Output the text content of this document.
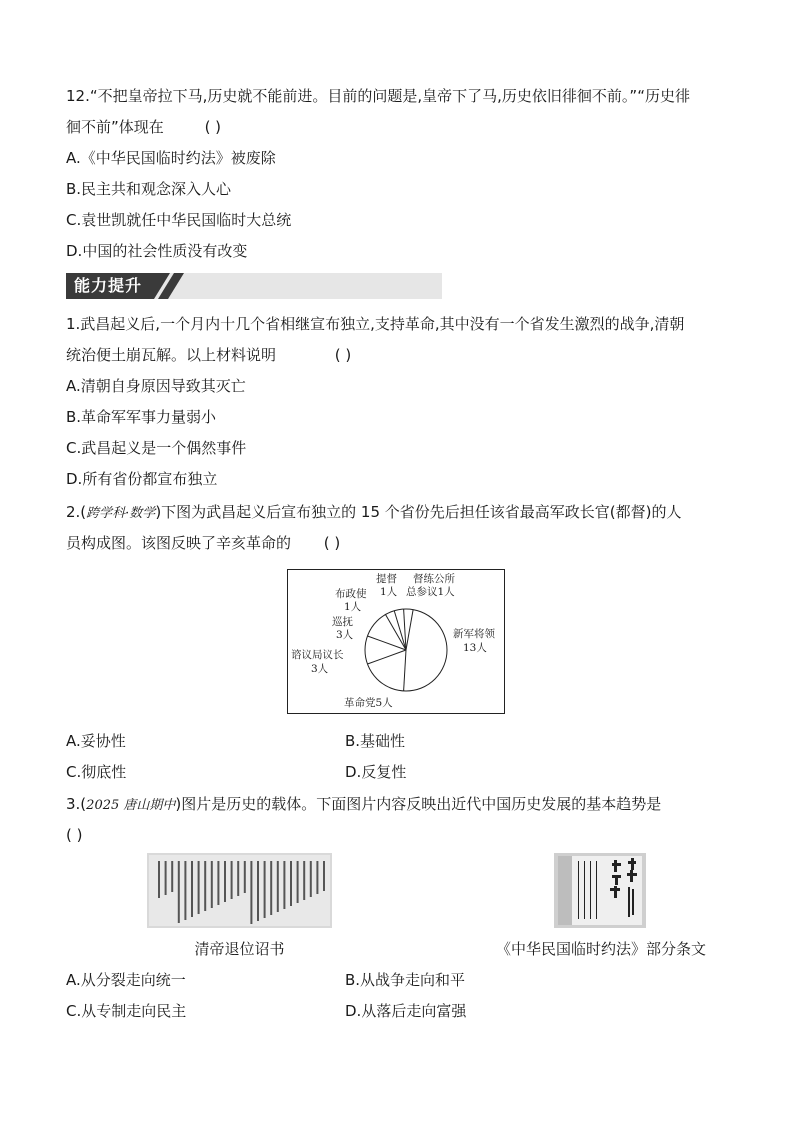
12.“不把皇帝拉下马,历史就不能前进。目前的问题是,皇帝下了马,历史依旧徘徊不前。”“历史徘
徊不前”体现在	( )
A.《中华民国临时约法》被废除
B.民主共和观念深入人心
C.袁世凯就任中华民国临时大总统
D.中国的社会性质没有改变
能力提升
1.武昌起义后,一个月内十几个省相继宣布独立,支持革命,其中没有一个省发生激烈的战争,清朝
统治便土崩瓦解。以上材料说明	( )
A.清朝自身原因导致其灭亡
B.革命军军事力量弱小
C.武昌起义是一个偶然事件
D.所有省份都宣布独立
2.(跨学科·数学)下图为武昌起义后宣布独立的 15 个省份先后担任该省最高军政长官(都督)的人
员构成图。该图反映了辛亥革命的 ( )
提督
1人
督练公所
总参议1人
布政使
1人
巡抚
3人
谘议局议长
3人
革命党5人
新军将领
13人
A.妥协性	B.基础性
C.彻底性	D.反复性
3.(2025 唐山期中)图片是历史的载体。下面图片内容反映出近代中国历史发展的基本趋势是
( )
清帝退位诏书	《中华民国临时约法》部分条文
A.从分裂走向统一	B.从战争走向和平
C.从专制走向民主	D.从落后走向富强
